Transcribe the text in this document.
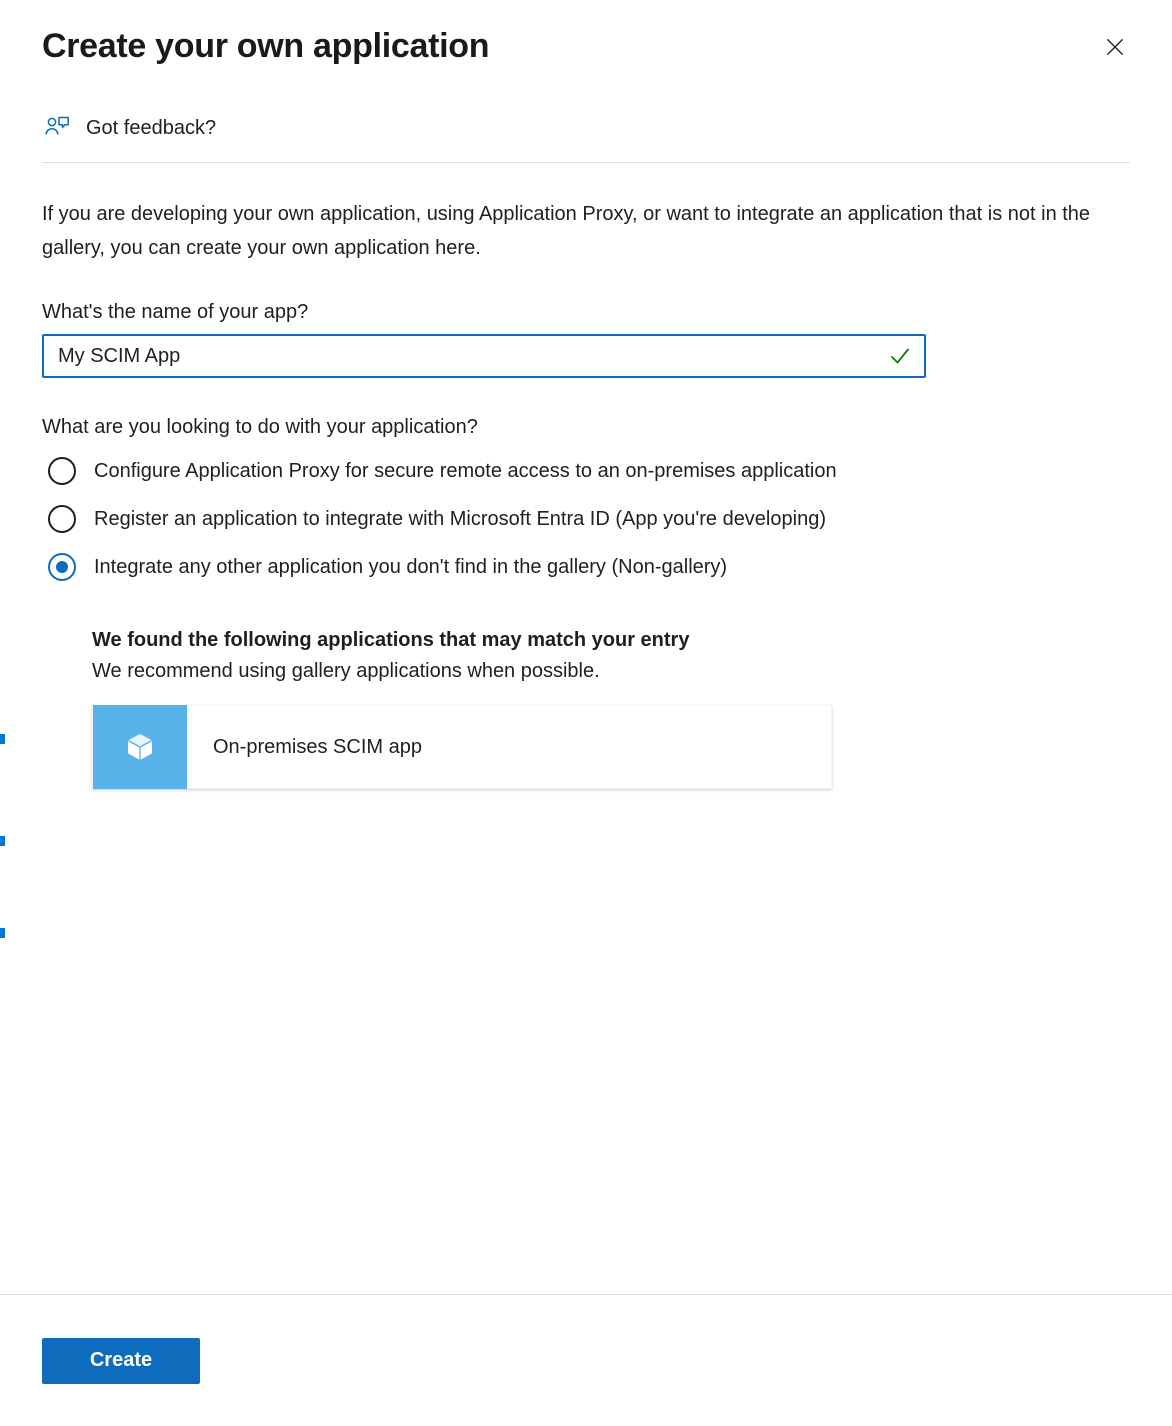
Create your own application
Got feedback?

If you are developing your own application, using Application Proxy, or want to integrate an application that is not in the gallery, you can create your own application here.

What's the name of your app?
My SCIM App
What are you looking to do with your application?
Configure Application Proxy for secure remote access to an on-premises application
Register an application to integrate with Microsoft Entra ID (App you're developing)
Integrate any other application you don't find in the gallery (Non-gallery)
We found the following applications that may match your entry
We recommend using gallery applications when possible.
On-premises SCIM app
Create
